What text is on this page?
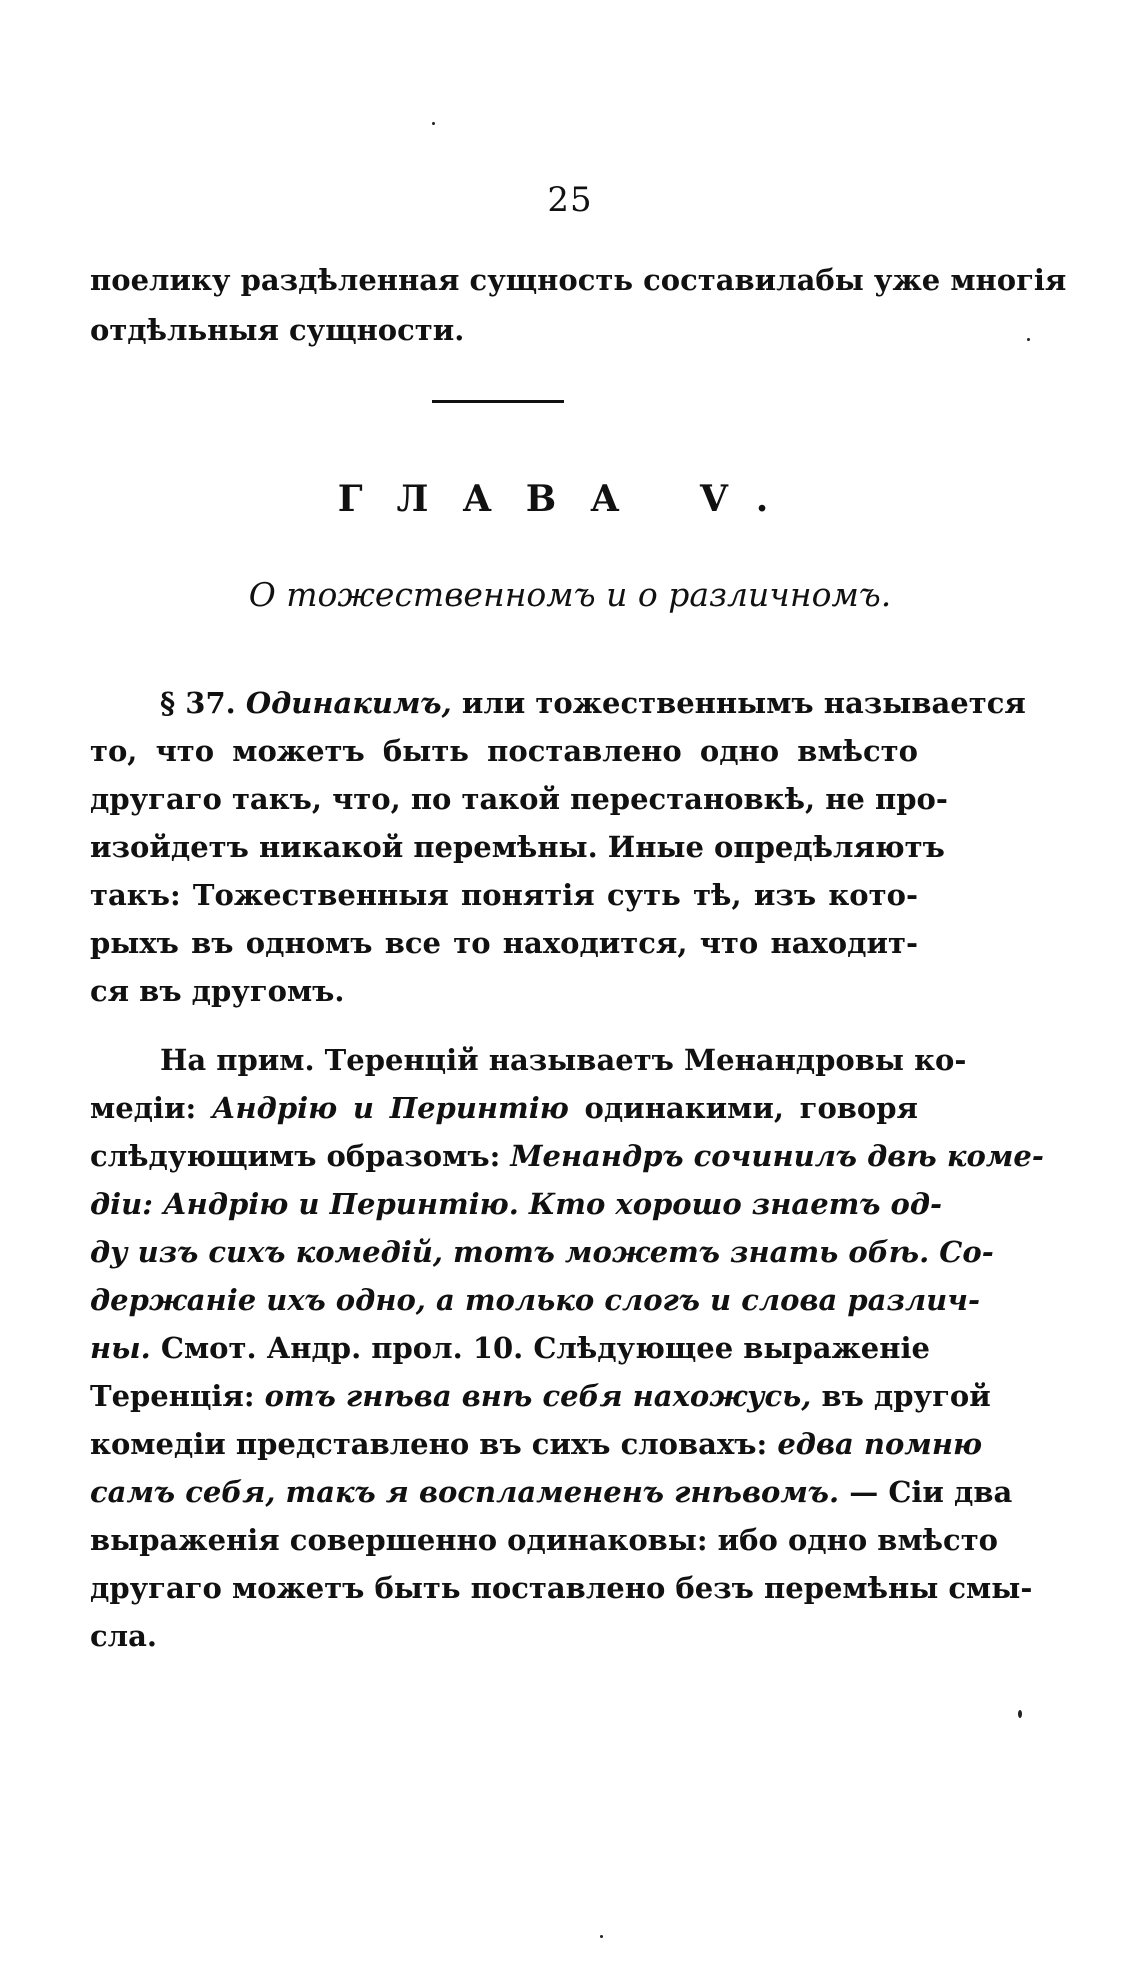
25
поелику раздѣленная сущность составилабы уже многія
отдѣльныя сущности.
ГЛАВА V.
О тожественномъ и о различномъ.
§ 37. Одинакимъ, или тожественнымъ называется
то, что можетъ быть поставлено одно вмѣсто
другаго такъ, что, по такой перестановкѣ, не про-
изойдетъ никакой перемѣны. Иные опредѣляютъ
такъ: Тожественныя понятія суть тѣ, изъ кото-
рыхъ въ одномъ все то находится, что находит-
ся въ другомъ.
На прим. Теренцій называетъ Менандровы ко-
медіи: Андрію и Перинтію одинакими, говоря
слѣдующимъ образомъ: Менандръ сочинилъ двѣ коме-
діи: Андрію и Перинтію. Кто хорошо знаетъ од-
ду изъ сихъ комедій, тотъ можетъ знать обѣ. Со-
держаніе ихъ одно, а только слогъ и слова различ-
ны. Смот. Андр. прол. 10. Слѣдующее выраженіе
Теренція: отъ гнѣва внѣ себя нахожусь, въ другой
комедіи представлено въ сихъ словахъ: едва помню
самъ себя, такъ я воспламененъ гнѣвомъ. — Сіи два
выраженія совершенно одинаковы: ибо одно вмѣсто
другаго можетъ быть поставлено безъ перемѣны смы-
сла.
